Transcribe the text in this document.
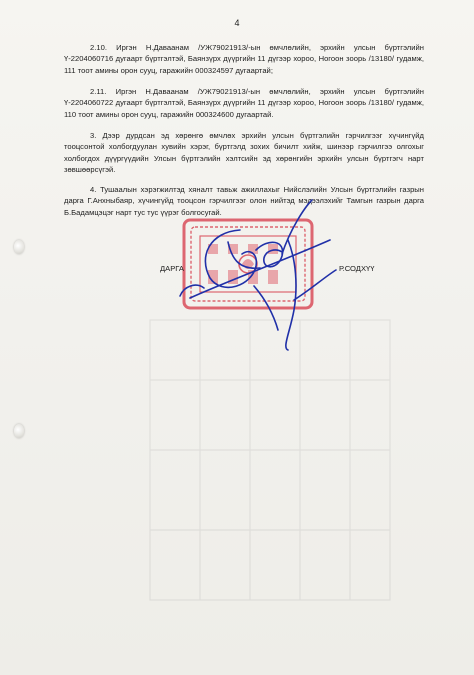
4

2.10. Иргэн Н.Даваанам /УЖ79021913/-ын өмчлөлийн, эрхийн улсын бүртгэлийн Ү-2204060716 дугаарт бүртгэлтэй, Баянзүрх дүүргийн 11 дүгээр хороо, Ногоон зоорь /13180/ гудамж, 111 тоот амины орон сууц, гаражийн 000324597 дугаартай;

2.11. Иргэн Н.Даваанам /УЖ79021913/-ын өмчлөлийн, эрхийн улсын бүртгэлийн Ү-2204060722 дугаарт бүртгэлтэй, Баянзүрх дүүргийн 11 дүгээр хороо, Ногоон зоорь /13180/ гудамж, 110 тоот амины орон сууц, гаражийн 000324600 дугаартай.

3. Дээр дурдсан эд хөрөнгө өмчлөх эрхийн улсын бүртгэлийн гэрчилгээг хүчингүйд тооцсонтой холбогдуулан хувийн хэрэг, бүртгэлд зохих бичилт хийж, шинээр гэрчилгээ олгохыг холбогдох дүүргүүдийн Улсын бүртгэлийн хэлтсийн эд хөрөнгийн эрхийн улсын бүртгэгч нарт зөвшөөрсүгэй.

4. Тушаалын хэрэгжилтэд хяналт тавьж ажиллахыг Нийслэлийн Улсын бүртгэлийн газрын дарга Г.Анхныбаяр, хүчингүйд тооцсон гэрчилгээг олон нийтэд мэдээлэхийг Тамгын газрын дарга Б.Бадамцэцэг нарт тус тус үүрэг болгосугай.

ДАРГА	Р.СОДХҮҮ
